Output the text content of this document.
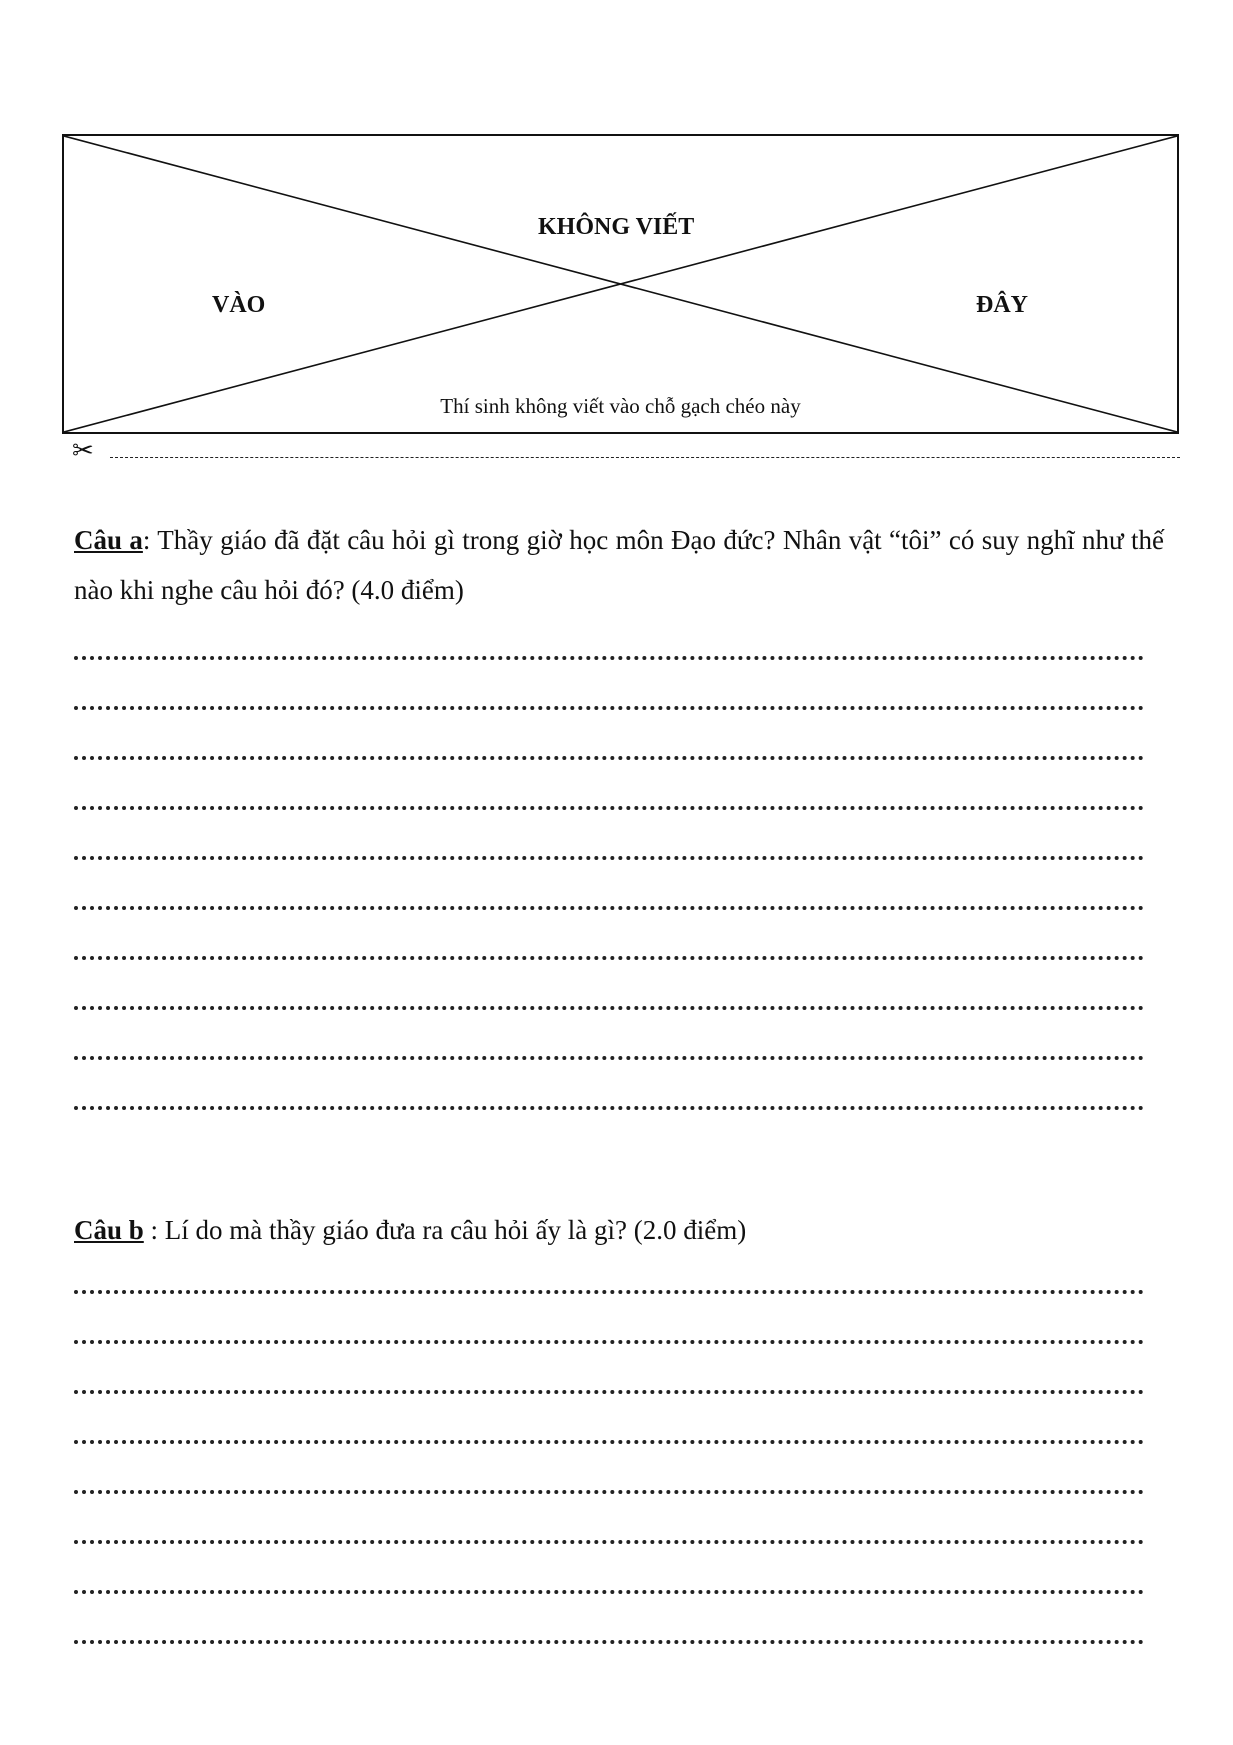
KHÔNG VIẾT
VÀO	ĐÂY
Thí sinh không viết vào chỗ gạch chéo này
✂
Câu a: Thầy giáo đã đặt câu hỏi gì trong giờ học môn Đạo đức? Nhân vật “tôi” có suy nghĩ như thế nào khi nghe câu hỏi đó? (4.0 điểm)
Câu b : Lí do mà thầy giáo đưa ra câu hỏi ấy là gì? (2.0 điểm)
